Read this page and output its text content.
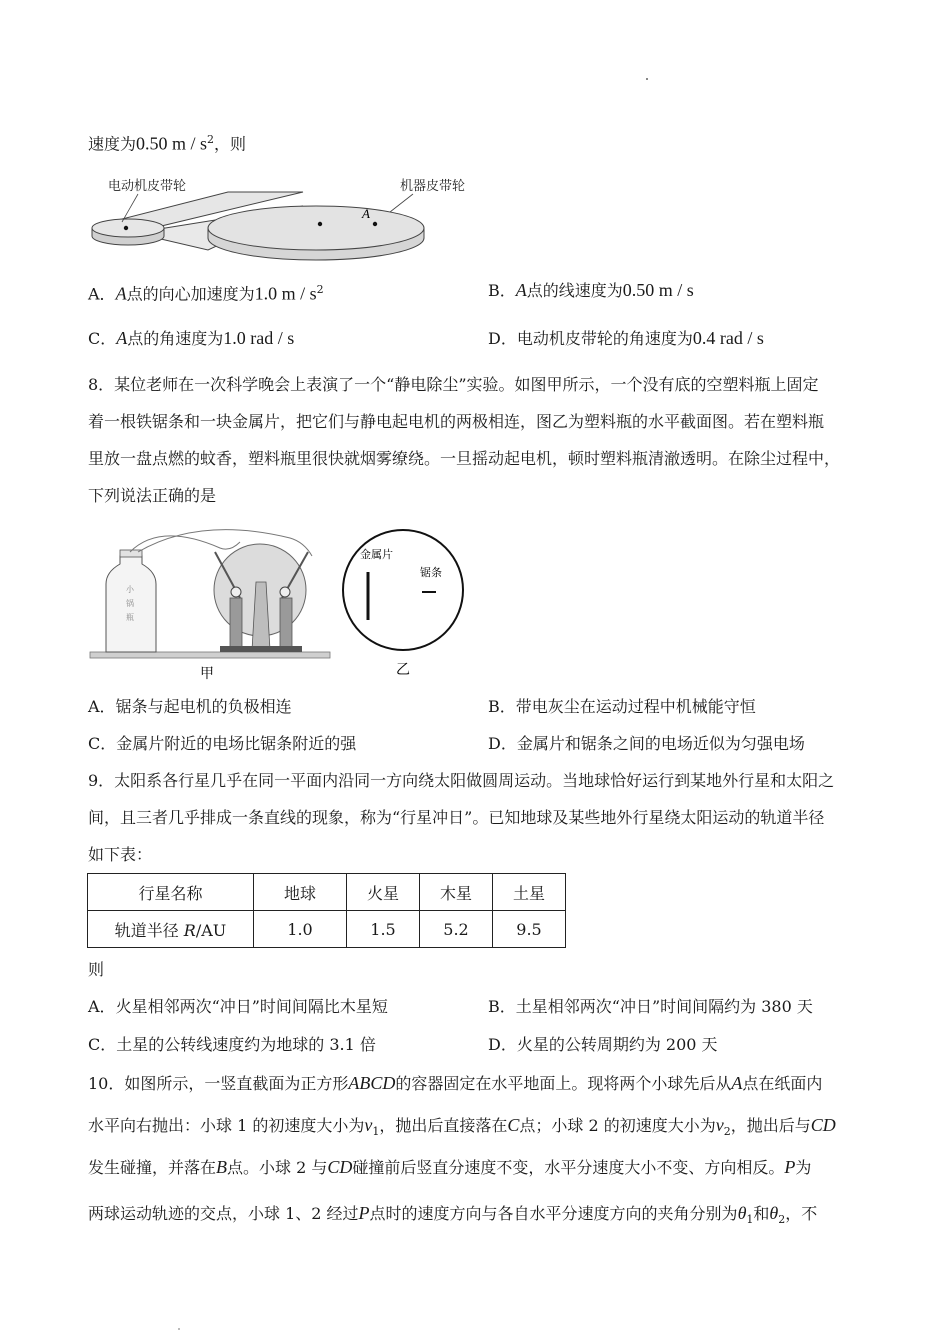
速度为0.50 m / $s^2$，则
A
电动机皮带轮	机器皮带轮
A．A点的向心加速度为1.0 m / $s^2$	B．A点的线速度为0.50 m / s
C．A点的角速度为1.0 rad / s	D．电动机皮带轮的角速度为0.4 rad / s
8．某位老师在一次科学晚会上表演了一个“静电除尘”实验。如图甲所示，一个没有底的空塑料瓶上固定
着一根铁锯条和一块金属片，把它们与静电起电机的两极相连，图乙为塑料瓶的水平截面图。若在塑料瓶
里放一盘点燃的蚊香，塑料瓶里很快就烟雾缭绕。一旦摇动起电机，顿时塑料瓶清澈透明。在除尘过程中，
下列说法正确的是
小
锅
瓶
甲
金属片
锯条
乙
A．锯条与起电机的负极相连	B．带电灰尘在运动过程中机械能守恒
C．金属片附近的电场比锯条附近的强	D．金属片和锯条之间的电场近似为匀强电场
9．太阳系各行星几乎在同一平面内沿同一方向绕太阳做圆周运动。当地球恰好运行到某地外行星和太阳之
间，且三者几乎排成一条直线的现象，称为“行星冲日”。已知地球及某些地外行星绕太阳运动的轨道半径
如下表：
行星名称	地球	火星	木星	土星
轨道半径 R/AU	1.0	1.5	5.2	9.5
则
A．火星相邻两次“冲日”时间间隔比木星短	B．土星相邻两次“冲日”时间间隔约为 380 天
C．土星的公转线速度约为地球的 3.1 倍	D．火星的公转周期约为 200 天
10．如图所示，一竖直截面为正方形ABCD的容器固定在水平地面上。现将两个小球先后从A点在纸面内
水平向右抛出：小球 1 的初速度大小为$v_1$，抛出后直接落在C点；小球 2 的初速度大小为$v_2$，抛出后与CD
发生碰撞，并落在B点。小球 2 与CD碰撞前后竖直分速度不变，水平分速度大小不变、方向相反。P为
两球运动轨迹的交点，小球 1、2 经过P点时的速度方向与各自水平分速度方向的夹角分别为$\theta_1$和$\theta_2$，不
